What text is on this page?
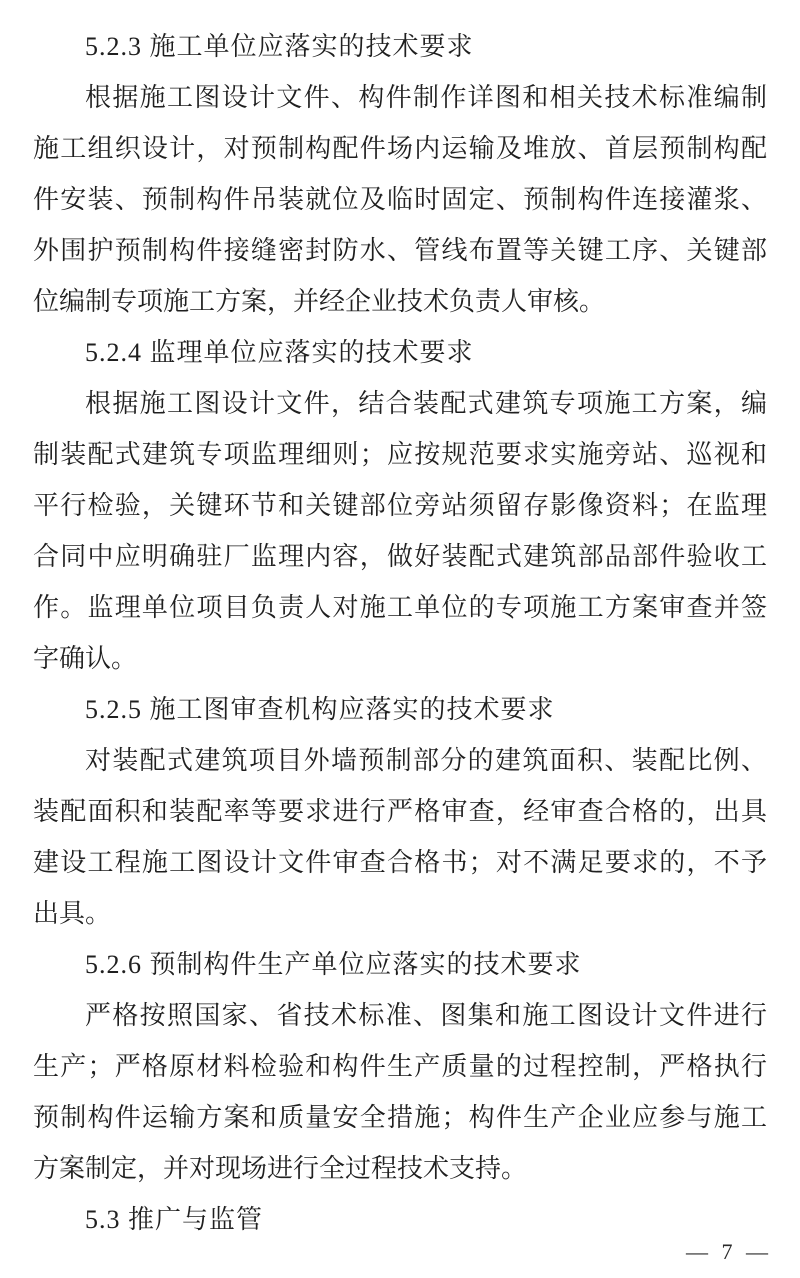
5.2.3 施工单位应落实的技术要求
根据施工图设计文件、构件制作详图和相关技术标准编制
施工组织设计，对预制构配件场内运输及堆放、首层预制构配
件安装、预制构件吊装就位及临时固定、预制构件连接灌浆、
外围护预制构件接缝密封防水、管线布置等关键工序、关键部
位编制专项施工方案，并经企业技术负责人审核。
5.2.4 监理单位应落实的技术要求
根据施工图设计文件，结合装配式建筑专项施工方案，编
制装配式建筑专项监理细则；应按规范要求实施旁站、巡视和
平行检验，关键环节和关键部位旁站须留存影像资料；在监理
合同中应明确驻厂监理内容，做好装配式建筑部品部件验收工
作。监理单位项目负责人对施工单位的专项施工方案审查并签
字确认。
5.2.5 施工图审查机构应落实的技术要求
对装配式建筑项目外墙预制部分的建筑面积、装配比例、
装配面积和装配率等要求进行严格审查，经审查合格的，出具
建设工程施工图设计文件审查合格书；对不满足要求的，不予
出具。
5.2.6 预制构件生产单位应落实的技术要求
严格按照国家、省技术标准、图集和施工图设计文件进行
生产；严格原材料检验和构件生产质量的过程控制，严格执行
预制构件运输方案和质量安全措施；构件生产企业应参与施工
方案制定，并对现场进行全过程技术支持。
5.3 推广与监管
— 7 —
